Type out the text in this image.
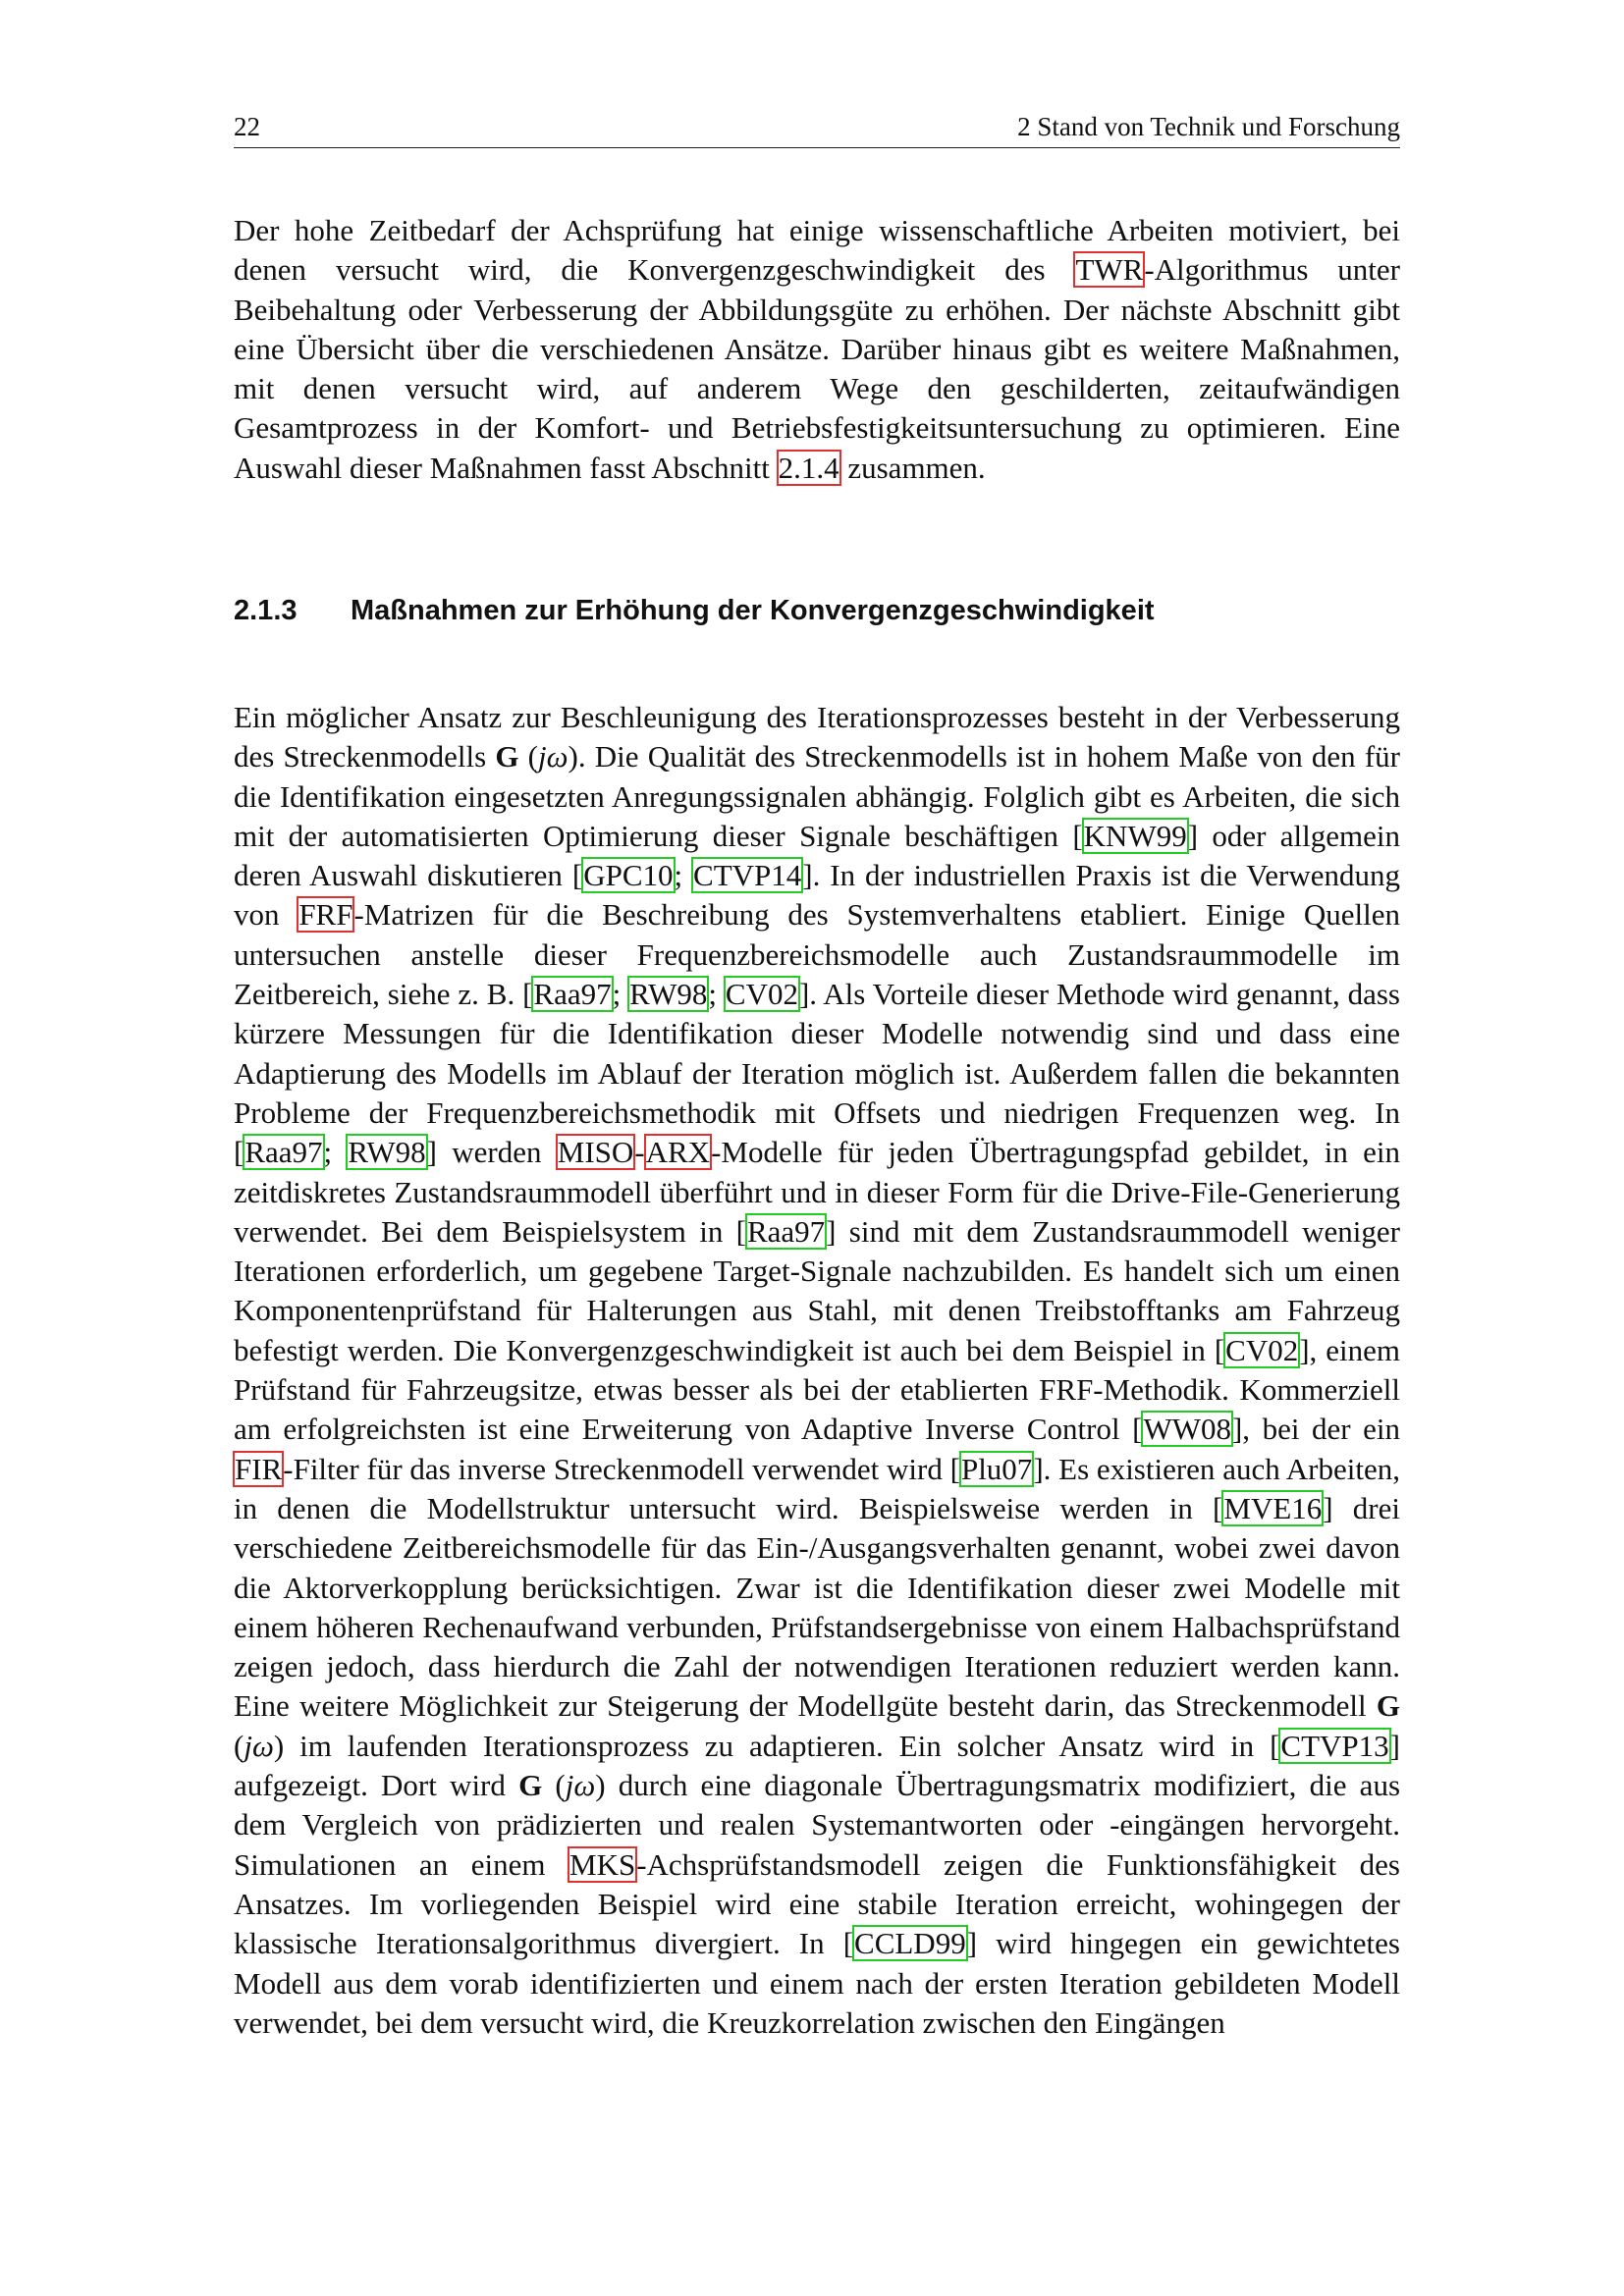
22	2 Stand von Technik und Forschung

Der hohe Zeitbedarf der Achsprüfung hat einige wissenschaftliche Arbeiten motiviert, bei denen versucht wird, die Konvergenzgeschwindigkeit des TWR-Algorithmus unter Beibehaltung oder Verbesserung der Abbildungsgüte zu erhöhen. Der nächste Abschnitt gibt eine Übersicht über die verschiedenen Ansätze. Darüber hinaus gibt es weitere Maßnahmen, mit denen versucht wird, auf anderem Wege den geschilderten, zeitaufwändigen Gesamtprozess in der Komfort- und Betriebsfestigkeitsuntersuchung zu optimieren. Eine Auswahl dieser Maßnahmen fasst Abschnitt 2.1.4 zusammen.

2.1.3 Maßnahmen zur Erhöhung der Konvergenzgeschwindigkeit

Ein möglicher Ansatz zur Beschleunigung des Iterationsprozesses besteht in der Verbesserung des Streckenmodells G (jω). Die Qualität des Streckenmodells ist in hohem Maße von den für die Identifikation eingesetzten Anregungssignalen abhängig. Folglich gibt es Arbeiten, die sich mit der automatisierten Optimierung dieser Signale beschäftigen [KNW99] oder allgemein deren Auswahl diskutieren [GPC10; CTVP14]. In der industriellen Praxis ist die Verwendung von FRF-Matrizen für die Beschreibung des Systemverhaltens etabliert. Einige Quellen untersuchen anstelle dieser Frequenzbereichsmodelle auch Zustandsraummodelle im Zeitbereich, siehe z. B. [Raa97; RW98; CV02]. Als Vorteile dieser Methode wird genannt, dass kürzere Messungen für die Identifikation dieser Modelle notwendig sind und dass eine Adaptierung des Modells im Ablauf der Iteration möglich ist. Außerdem fallen die bekannten Probleme der Frequenzbereichsmethodik mit Offsets und niedrigen Frequenzen weg. In [Raa97; RW98] werden MISO-ARX-Modelle für jeden Übertragungspfad gebildet, in ein zeitdiskretes Zustandsraummodell überführt und in dieser Form für die Drive-File-Generierung verwendet. Bei dem Beispielsystem in [Raa97] sind mit dem Zustandsraummodell weniger Iterationen erforderlich, um gegebene Target-Signale nachzubilden. Es handelt sich um einen Komponentenprüfstand für Halterungen aus Stahl, mit denen Treibstofftanks am Fahrzeug befestigt werden. Die Konvergenzgeschwindigkeit ist auch bei dem Beispiel in [CV02], einem Prüfstand für Fahrzeugsitze, etwas besser als bei der etablierten FRF-Methodik. Kommerziell am erfolgreichsten ist eine Erweiterung von Adaptive Inverse Control [WW08], bei der ein FIR-Filter für das inverse Streckenmodell verwendet wird [Plu07]. Es existieren auch Arbeiten, in denen die Modellstruktur untersucht wird. Beispielsweise werden in [MVE16] drei verschiedene Zeitbereichsmodelle für das Ein-/Ausgangsverhalten genannt, wobei zwei davon die Aktorverkopplung berücksichtigen. Zwar ist die Identifikation dieser zwei Modelle mit einem höheren Rechenaufwand verbunden, Prüfstandsergebnisse von einem Halbachsprüfstand zeigen jedoch, dass hierdurch die Zahl der notwendigen Iterationen reduziert werden kann. Eine weitere Möglichkeit zur Steigerung der Modellgüte besteht darin, das Streckenmodell G (jω) im laufenden Iterationsprozess zu adaptieren. Ein solcher Ansatz wird in [CTVP13] aufgezeigt. Dort wird G (jω) durch eine diagonale Übertragungsmatrix modifiziert, die aus dem Vergleich von prädizierten und realen Systemantworten oder -eingängen hervorgeht. Simulationen an einem MKS-Achsprüfstandsmodell zeigen die Funktionsfähigkeit des Ansatzes. Im vorliegenden Beispiel wird eine stabile Iteration erreicht, wohingegen der klassische Iterationsalgorithmus divergiert. In [CCLD99] wird hingegen ein gewichtetes Modell aus dem vorab identifizierten und einem nach der ersten Iteration gebildeten Modell verwendet, bei dem versucht wird, die Kreuzkorrelation zwischen den Eingängen
